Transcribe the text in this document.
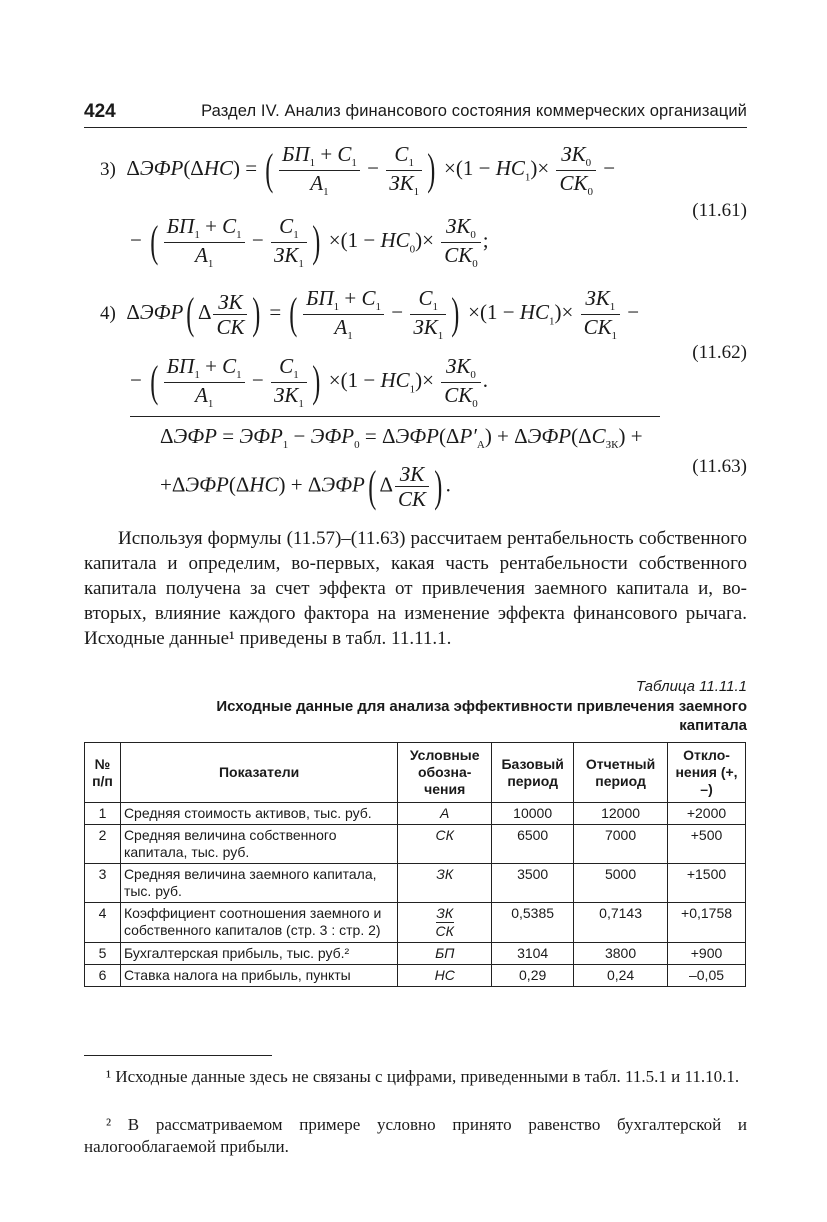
424	Раздел IV. Анализ финансового состояния коммерческих организаций
3)  ΔЭФР(ΔНС) = ( $\frac{БП_1 + С_1}{А_1} - \frac{С_1}{ЗК_1}$ ) $\times(1 - НС_1)\times \frac{ЗК_0}{СК_0}$ −
− ( $\frac{БП_1 + С_1}{А_1} - \frac{С_1}{ЗК_1}$ ) $\times(1 - НС_0)\times \frac{ЗК_0}{СК_0}$ ;
(11.61)
4)  ΔЭФР( Δ $\frac{ЗК}{СК}$ ) = ( $\frac{БП_1 + С_1}{А_1} - \frac{С_1}{ЗК_1}$ ) $\times(1 - НС_1)\times \frac{ЗК_1}{СК_1}$ −
− ( $\frac{БП_1 + С_1}{А_1} - \frac{С_1}{ЗК_1}$ ) $\times(1 - НС_1)\times \frac{ЗК_0}{СК_0}$ .
(11.62)
$\Delta ЭФР = ЭФР_1 - ЭФР_0 = \Delta ЭФР(\Delta Р'_А) + \Delta ЭФР(\Delta С_{ЗК})$ +
+ΔЭФР(ΔНС) + ΔЭФР( Δ $\frac{ЗК}{СК}$ ) .
(11.63)
Используя формулы (11.57)–(11.63) рассчитаем рентабельность собственного капитала и определим, во-первых, какая часть рентабельности собственного капитала получена за счет эффекта от привлечения заемного капитала и, во-вторых, влияние каждого фактора на изменение эффекта финансового рычага. Исходные данные¹ приведены в табл. 11.11.1.
Таблица 11.11.1
Исходные данные для анализа эффективности привлечения заемного капитала
№ п/п	Показатели	Условные обозна-чения	Базовый период	Отчетный период	Откло-нения (+, –)
1	Средняя стоимость активов, тыс. руб.	А	10000	12000	+2000
2	Средняя величина собственного капитала, тыс. руб.	СК	6500	7000	+500
3	Средняя величина заемного капитала, тыс. руб.	ЗК	3500	5000	+1500
4	Коэффициент соотношения заемного и собственного капиталов (стр. 3 : стр. 2)	$\frac{ЗК}{СК}$	0,5385	0,7143	+0,1758
5	Бухгалтерская прибыль, тыс. руб.²	БП	3104	3800	+900
6	Ставка налога на прибыль, пункты	НС	0,29	0,24	–0,05
¹ Исходные данные здесь не связаны с цифрами, приведенными в табл. 11.5.1 и 11.10.1.
² В рассматриваемом примере условно принято равенство бухгалтерской и налогооблагаемой прибыли.
